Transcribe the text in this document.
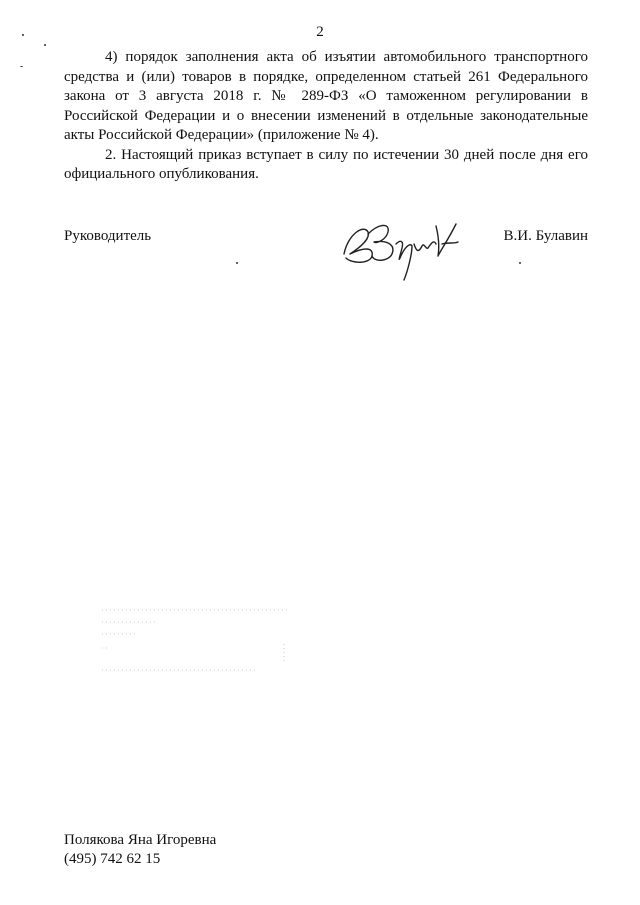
2

4) порядок заполнения акта об изъятии автомобильного транспортного средства и (или) товаров в порядке, определенном статьей 261 Федерального закона от 3 августа 2018 г. № 289-ФЗ «О таможенном регулировании в Российской Федерации и о внесении изменений в отдельные законодательные акты Российской Федерации» (приложение № 4).

2. Настоящий приказ вступает в силу по истечении 30 дней после дня его официального опубликования.

Руководитель	В.И. Булавин
Полякова Яна Игоревна
(495) 742 62 15
